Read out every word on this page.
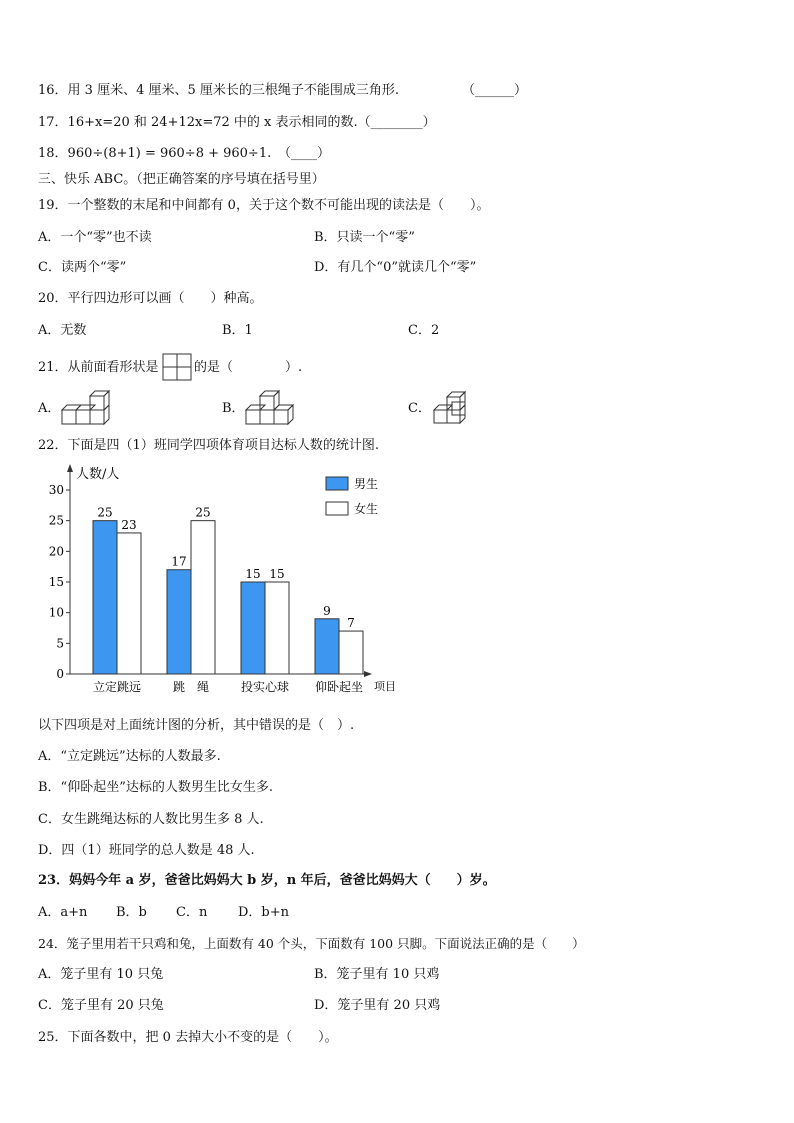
16．用 3 厘米、4 厘米、5 厘米长的三根绳子不能围成三角形.	（______）
17．16+x=20 和 24+12x=72 中的 x 表示相同的数.（________）
18．960÷(8+1) = 960÷8 + 960÷1. （____）
三、快乐 ABC。（把正确答案的序号填在括号里）
19．一个整数的末尾和中间都有 0，关于这个数不可能出现的读法是（　　）。
A．一个“零”也不读	B．只读一个“零”
C．读两个“零”	D．有几个“0”就读几个“零”
20．平行四边形可以画（　　）种高。
A．无数	B．1	C．2
21．从前面看形状是	的是（　　　　）.
A．	B．	C．
22．下面是四（1）班同学四项体育项目达标人数的统计图.
人数/人
项目
0
5
10
15
20
25
30
25
23
立定跳远
17
25
跳　绳
15 15
投实心球
9
7
仰卧起坐
男生
女生
以下四项是对上面统计图的分析，其中错误的是（　）.
A．“立定跳远”达标的人数最多.
B．“仰卧起坐”达标的人数男生比女生多.
C．女生跳绳达标的人数比男生多 8 人.
D．四（1）班同学的总人数是 48 人.
23．妈妈今年 a 岁，爸爸比妈妈大 b 岁，n 年后，爸爸比妈妈大（　　）岁。
A．a+n B．b C．n D．b+n
24．笼子里用若干只鸡和兔，上面数有 40 个头，下面数有 100 只脚。下面说法正确的是（　　）
A．笼子里有 10 只兔	B．笼子里有 10 只鸡
C．笼子里有 20 只兔	D．笼子里有 20 只鸡
25．下面各数中，把 0 去掉大小不变的是（　　）。
